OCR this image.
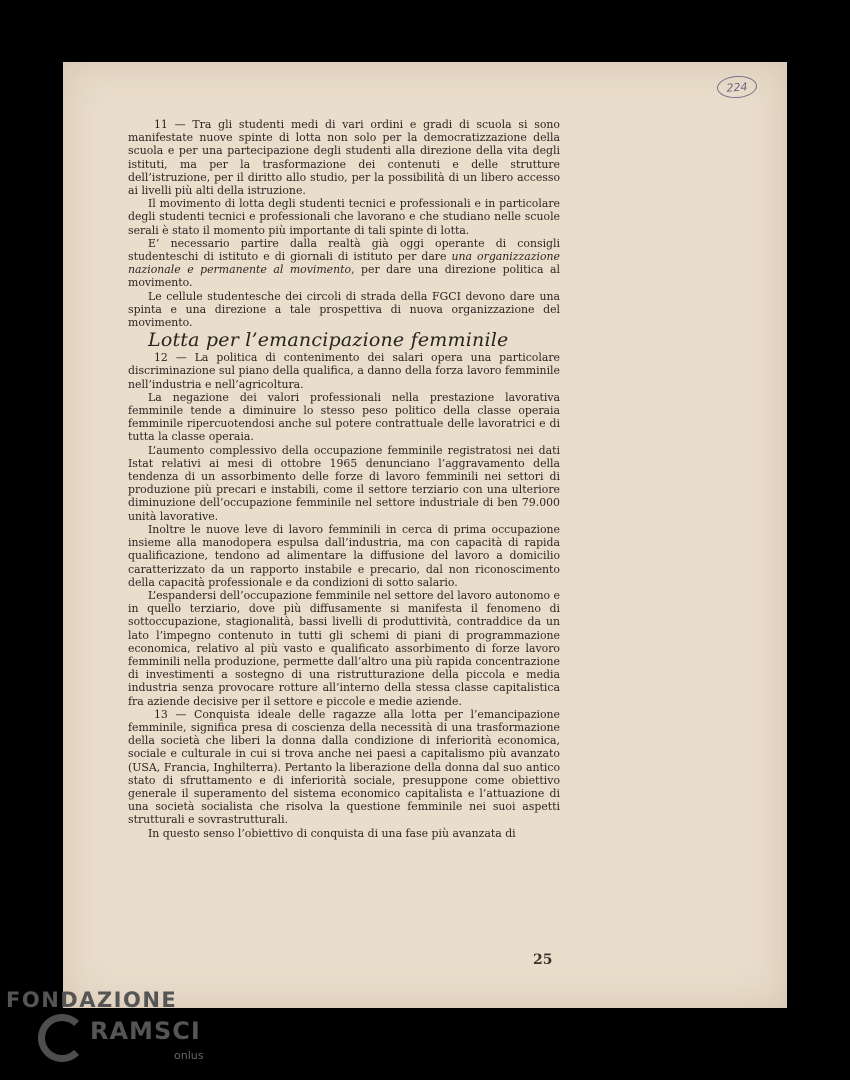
224

11 — Tra gli studenti medi di vari ordini e gradi di scuola si sono manifestate nuove spinte di lotta non solo per la democratizzazione della scuola e per una partecipazione degli studenti alla direzione della vita degli istituti, ma per la trasformazione dei contenuti e delle strutture dell’istruzione, per il diritto allo studio, per la possibilità di un libero accesso ai livelli più alti della istruzione.

Il movimento di lotta degli studenti tecnici e professionali e in particolare degli studenti tecnici e professionali che lavorano e che studiano nelle scuole serali è stato il momento più importante di tali spinte di lotta.

E’ necessario partire dalla realtà già oggi operante di consigli studenteschi di istituto e di giornali di istituto per dare una organizzazione nazionale e permanente al movimento, per dare una direzione politica al movimento.

Le cellule studentesche dei circoli di strada della FGCI devono dare una spinta e una direzione a tale prospettiva di nuova organizzazione del movimento.

Lotta per l’emancipazione femminile

12 — La politica di contenimento dei salari opera una particolare discriminazione sul piano della qualifica, a danno della forza lavoro femminile nell’industria e nell’agricoltura.

La negazione dei valori professionali nella prestazione lavorativa femminile tende a diminuire lo stesso peso politico della classe operaia femminile ripercuotendosi anche sul potere contrattuale delle lavoratrici e di tutta la classe operaia.

L’aumento complessivo della occupazione femminile registratosi nei dati Istat relativi ai mesi di ottobre 1965 denunciano l’aggravamento della tendenza di un assorbimento delle forze di lavoro femminili nei settori di produzione più precari e instabili, come il settore terziario con una ulteriore diminuzione dell’occupazione femminile nel settore industriale di ben 79.000 unità lavorative.

Inoltre le nuove leve di lavoro femminili in cerca di prima occupazione insieme alla manodopera espulsa dall’industria, ma con capacità di rapida qualificazione, tendono ad alimentare la diffusione del lavoro a domicilio caratterizzato da un rapporto instabile e precario, dal non riconoscimento della capacità professionale e da condizioni di sotto salario.

L’espandersi dell’occupazione femminile nel settore del lavoro autonomo e in quello terziario, dove più diffusamente si manifesta il fenomeno di sottoccupazione, stagionalità, bassi livelli di produttività, contraddice da un lato l’impegno contenuto in tutti gli schemi di piani di programmazione economica, relativo al più vasto e qualificato assorbimento di forze lavoro femminili nella produzione, permette dall’altro una più rapida concentrazione di investimenti a sostegno di una ristrutturazione della piccola e media industria senza provocare rotture all’interno della stessa classe capitalistica fra aziende decisive per il settore e piccole e medie aziende.

13 — Conquista ideale delle ragazze alla lotta per l’emancipazione femminile, significa presa di coscienza della necessità di una trasformazione della società che liberi la donna dalla condizione di inferiorità economica, sociale e culturale in cui si trova anche nei paesi a capitalismo più avanzato (USA, Francia, Inghilterra). Pertanto la liberazione della donna dal suo antico stato di sfruttamento e di inferiorità sociale, presuppone come obiettivo generale il superamento del sistema economico capitalista e l’attuazione di una società socialista che risolva la questione femminile nei suoi aspetti strutturali e sovrastrutturali.

In questo senso l’obiettivo di conquista di una fase più avanzata di

25
FONDAZIONE
RAMSCI
onlus
